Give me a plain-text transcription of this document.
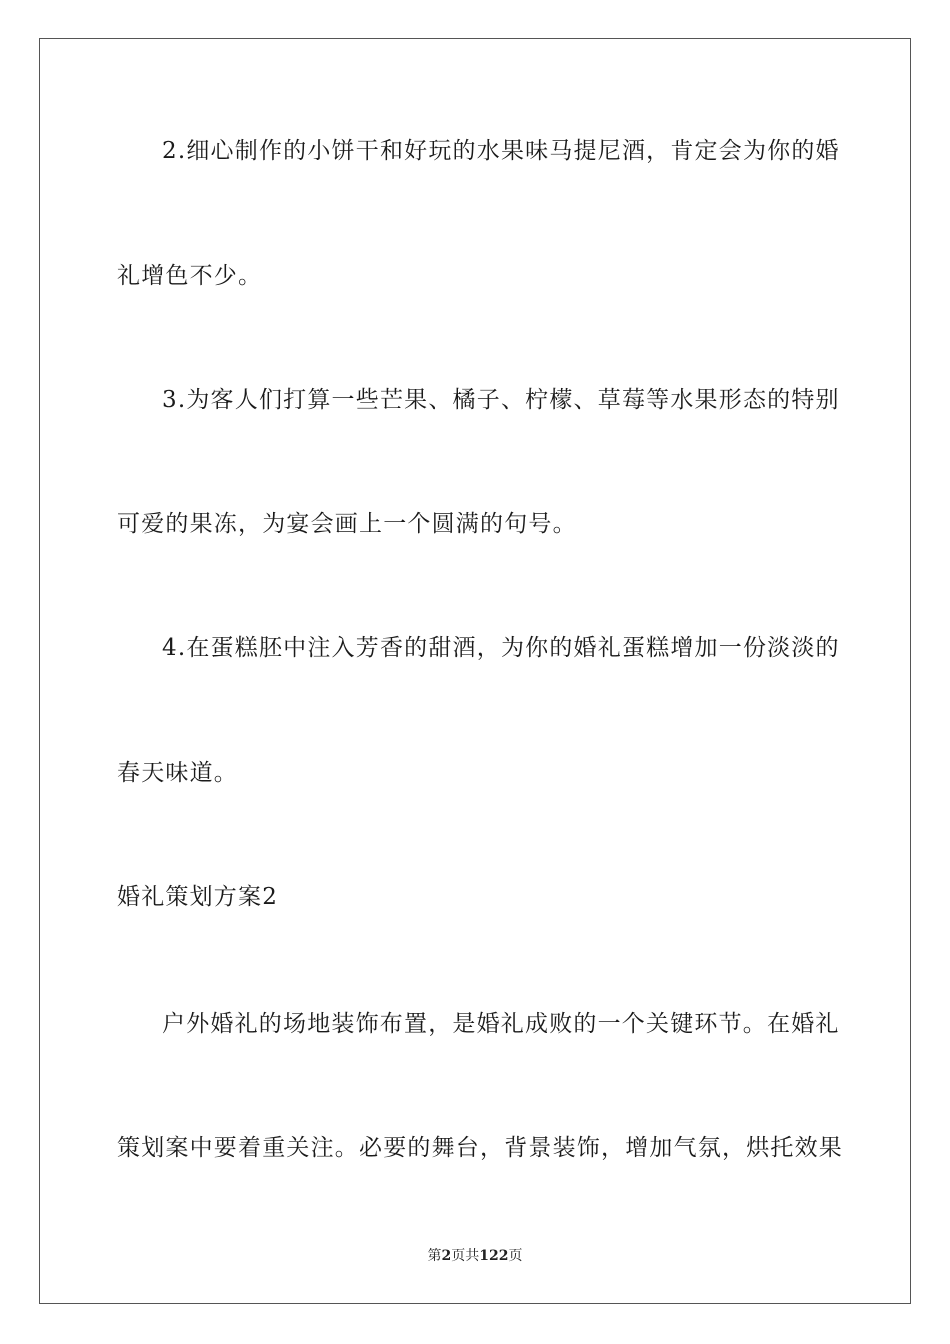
2.细心制作的小饼干和好玩的水果味马提尼酒，肯定会为你的婚
礼增色不少。
3.为客人们打算一些芒果、橘子、柠檬、草莓等水果形态的特别
可爱的果冻，为宴会画上一个圆满的句号。
4.在蛋糕胚中注入芳香的甜酒，为你的婚礼蛋糕增加一份淡淡的
春天味道。
婚礼策划方案2
户外婚礼的场地装饰布置，是婚礼成败的一个关键环节。在婚礼
策划案中要着重关注。必要的舞台，背景装饰，增加气氛，烘托效果
第2页共122页
